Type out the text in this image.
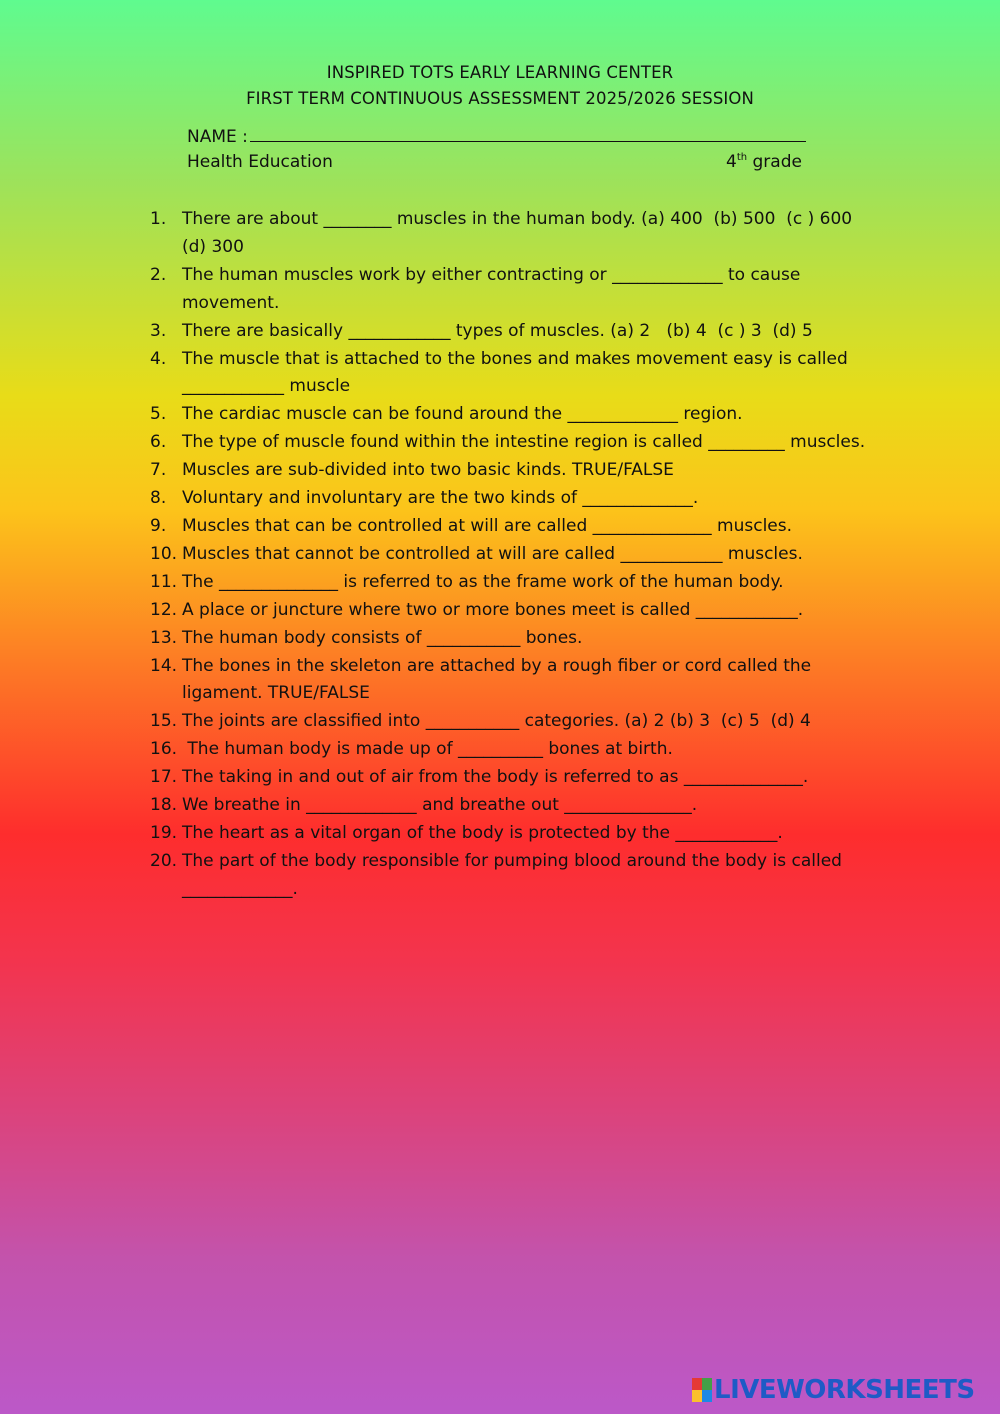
INSPIRED TOTS EARLY LEARNING CENTER
FIRST TERM CONTINUOUS ASSESSMENT 2025/2026 SESSION
NAME :
Health Education	4th grade
1. There are about ________ muscles in the human body. (a) 400  (b) 500  (c ) 600 (d) 300
2. The human muscles work by either contracting or _____________ to cause movement.
3. There are basically ____________ types of muscles. (a) 2   (b) 4  (c ) 3  (d) 5
4. The muscle that is attached to the bones and makes movement easy is called ____________ muscle
5. The cardiac muscle can be found around the _____________ region.
6. The type of muscle found within the intestine region is called _________ muscles.
7. Muscles are sub-divided into two basic kinds. TRUE/FALSE
8. Voluntary and involuntary are the two kinds of _____________.
9. Muscles that can be controlled at will are called ______________ muscles.
10. Muscles that cannot be controlled at will are called ____________ muscles.
11. The ______________ is referred to as the frame work of the human body.
12. A place or juncture where two or more bones meet is called ____________.
13. The human body consists of ___________ bones.
14. The bones in the skeleton are attached by a rough fiber or cord called the ligament. TRUE/FALSE
15. The joints are classified into ___________ categories. (a) 2 (b) 3  (c) 5  (d) 4
16. The human body is made up of __________ bones at birth.
17. The taking in and out of air from the body is referred to as ______________.
18. We breathe in _____________ and breathe out _______________.
19. The heart as a vital organ of the body is protected by the ____________.
20. The part of the body responsible for pumping blood around the body is called _____________.
LIVEWORKSHEETS
